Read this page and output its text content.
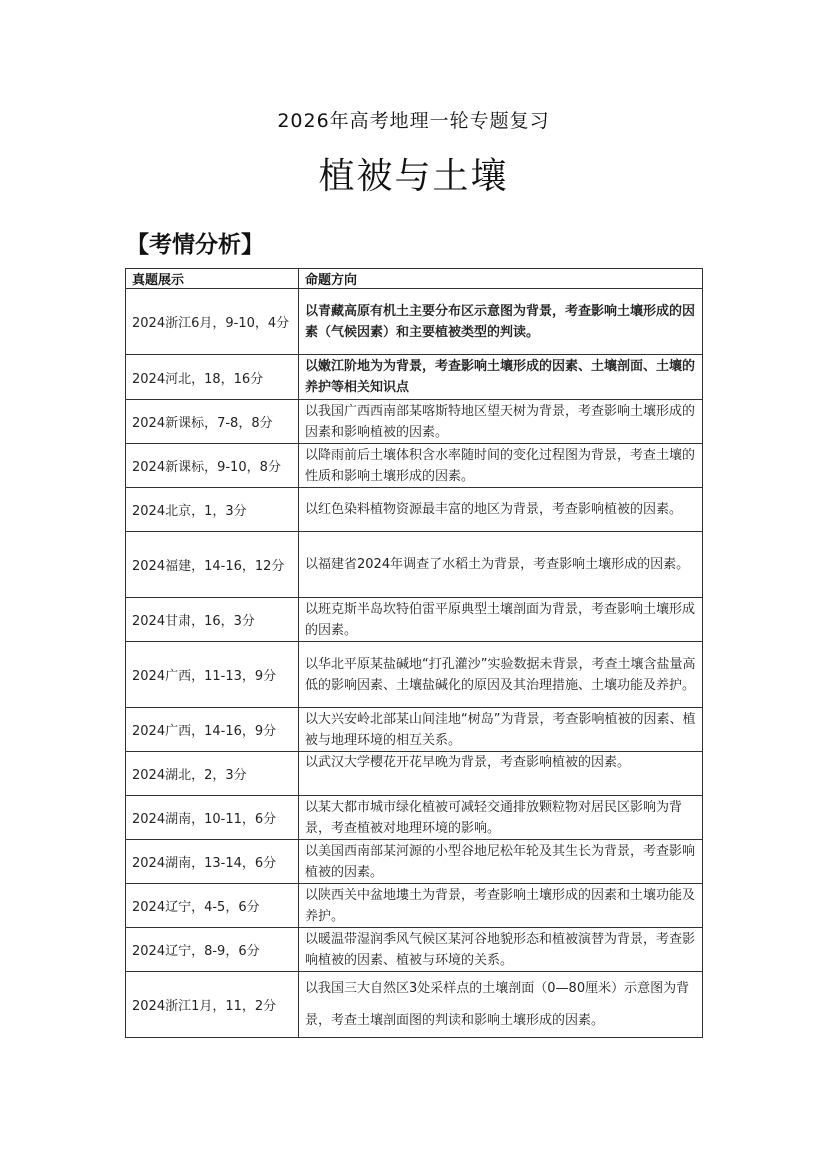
2026年高考地理一轮专题复习
植被与土壤
【考情分析】
真题展示	命题方向
2024浙江6月，9-10，4分	以青藏高原有机土主要分布区示意图为背景，考查影响土壤形成的因素（气候因素）和主要植被类型的判读。
2024河北，18，16分	以嫩江阶地为为背景，考查影响土壤形成的因素、土壤剖面、土壤的养护等相关知识点
2024新课标，7-8，8分	以我国广西西南部某喀斯特地区望天树为背景，考查影响土壤形成的因素和影响植被的因素。
2024新课标，9-10，8分	以降雨前后土壤体积含水率随时间的变化过程图为背景，考查土壤的性质和影响土壤形成的因素。
2024北京，1，3分	以红色染料植物资源最丰富的地区为背景，考查影响植被的因素。
2024福建，14-16，12分	以福建省2024年调查了水稻土为背景，考查影响土壤形成的因素。
2024甘肃，16，3分	以班克斯半岛坎特伯雷平原典型土壤剖面为背景，考查影响土壤形成的因素。
2024广西，11-13，9分	以华北平原某盐碱地“打孔灌沙”实验数据未背景，考查土壤含盐量高低的影响因素、土壤盐碱化的原因及其治理措施、土壤功能及养护。
2024广西，14-16，9分	以大兴安岭北部某山间洼地“树岛”为背景，考查影响植被的因素、植被与地理环境的相互关系。
2024湖北，2，3分	以武汉大学樱花开花早晚为背景，考查影响植被的因素。
2024湖南，10-11，6分	以某大都市城市绿化植被可减轻交通排放颗粒物对居民区影响为背景，考查植被对地理环境的影响。
2024湖南，13-14，6分	以美国西南部某河源的小型谷地尼松年轮及其生长为背景，考查影响植被的因素。
2024辽宁，4-5，6分	以陕西关中盆地塿土为背景，考查影响土壤形成的因素和土壤功能及养护。
2024辽宁，8-9，6分	以暖温带湿润季风气候区某河谷地貌形态和植被演替为背景，考查影响植被的因素、植被与环境的关系。
2024浙江1月，11，2分	以我国三大自然区3处采样点的土壤剖面（0—80厘米）示意图为背景，考查土壤剖面图的判读和影响土壤形成的因素。
